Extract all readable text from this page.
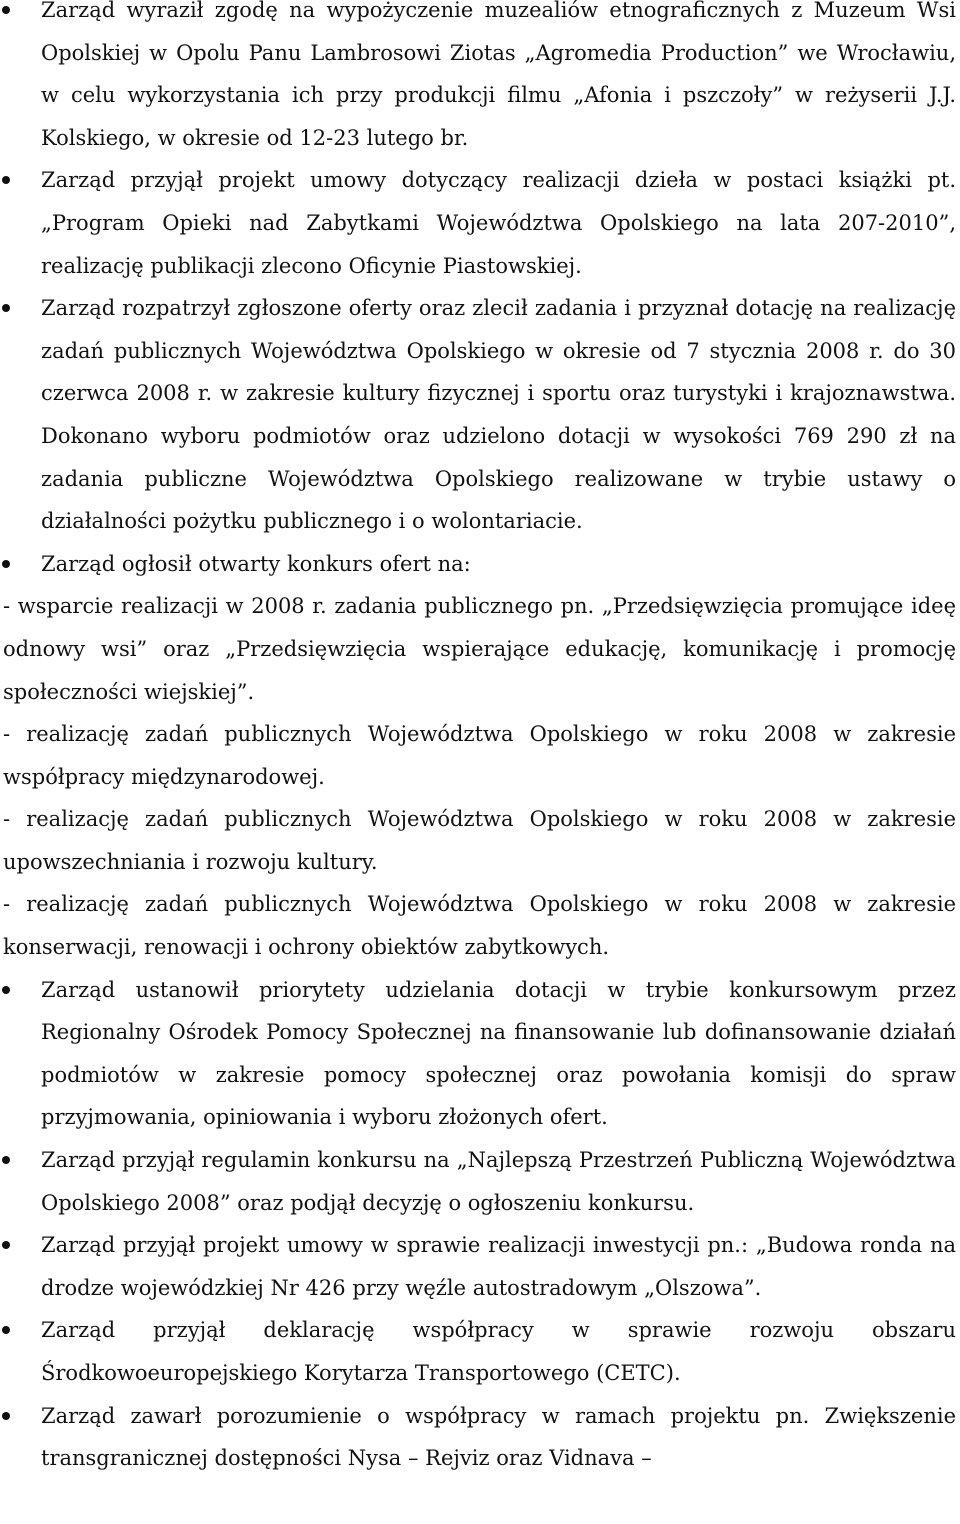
Zarząd wyraził zgodę na wypożyczenie muzealiów etnograficznych z Muzeum Wsi Opolskiej w Opolu Panu Lambrosowi Ziotas „Agromedia Production” we Wrocławiu, w celu wykorzystania ich przy produkcji filmu „Afonia i pszczoły” w reżyserii J.J. Kolskiego, w okresie od 12-23 lutego br.
Zarząd przyjął projekt umowy dotyczący realizacji dzieła w postaci książki pt. „Program Opieki nad Zabytkami Województwa Opolskiego na lata 207-2010”, realizację publikacji zlecono Oficynie Piastowskiej.
Zarząd rozpatrzył zgłoszone oferty oraz zlecił zadania i przyznał dotację na realizację zadań publicznych Województwa Opolskiego w okresie od 7 stycznia 2008 r. do 30 czerwca 2008 r. w zakresie kultury fizycznej i sportu oraz turystyki i krajoznawstwa. Dokonano wyboru podmiotów oraz udzielono dotacji w wysokości 769 290 zł na zadania publiczne Województwa Opolskiego realizowane w trybie ustawy o działalności pożytku publicznego i o wolontariacie.
Zarząd ogłosił otwarty konkurs ofert na:
- wsparcie realizacji w 2008 r. zadania publicznego pn. „Przedsięwzięcia promujące ideę odnowy wsi” oraz „Przedsięwzięcia wspierające edukację, komunikację i promocję społeczności wiejskiej”.
- realizację zadań publicznych Województwa Opolskiego w roku 2008 w zakresie współpracy międzynarodowej.
- realizację zadań publicznych Województwa Opolskiego w roku 2008 w zakresie upowszechniania i rozwoju kultury.
- realizację zadań publicznych Województwa Opolskiego w roku 2008 w zakresie konserwacji, renowacji i ochrony obiektów zabytkowych.
Zarząd ustanowił priorytety udzielania dotacji w trybie konkursowym przez Regionalny Ośrodek Pomocy Społecznej na finansowanie lub dofinansowanie działań podmiotów w zakresie pomocy społecznej oraz powołania komisji do spraw przyjmowania, opiniowania i wyboru złożonych ofert.
Zarząd przyjął regulamin konkursu na „Najlepszą Przestrzeń Publiczną Województwa Opolskiego 2008” oraz podjął decyzję o ogłoszeniu konkursu.
Zarząd przyjął projekt umowy w sprawie realizacji inwestycji pn.: „Budowa ronda na drodze wojewódzkiej Nr 426 przy węźle autostradowym „Olszowa”.
Zarząd przyjął deklarację współpracy w sprawie rozwoju obszaru Środkowoeuropejskiego Korytarza Transportowego (CETC).
Zarząd zawarł porozumienie o współpracy w ramach projektu pn. Zwiększenie transgranicznej dostępności Nysa – Rejviz oraz Vidnava –
